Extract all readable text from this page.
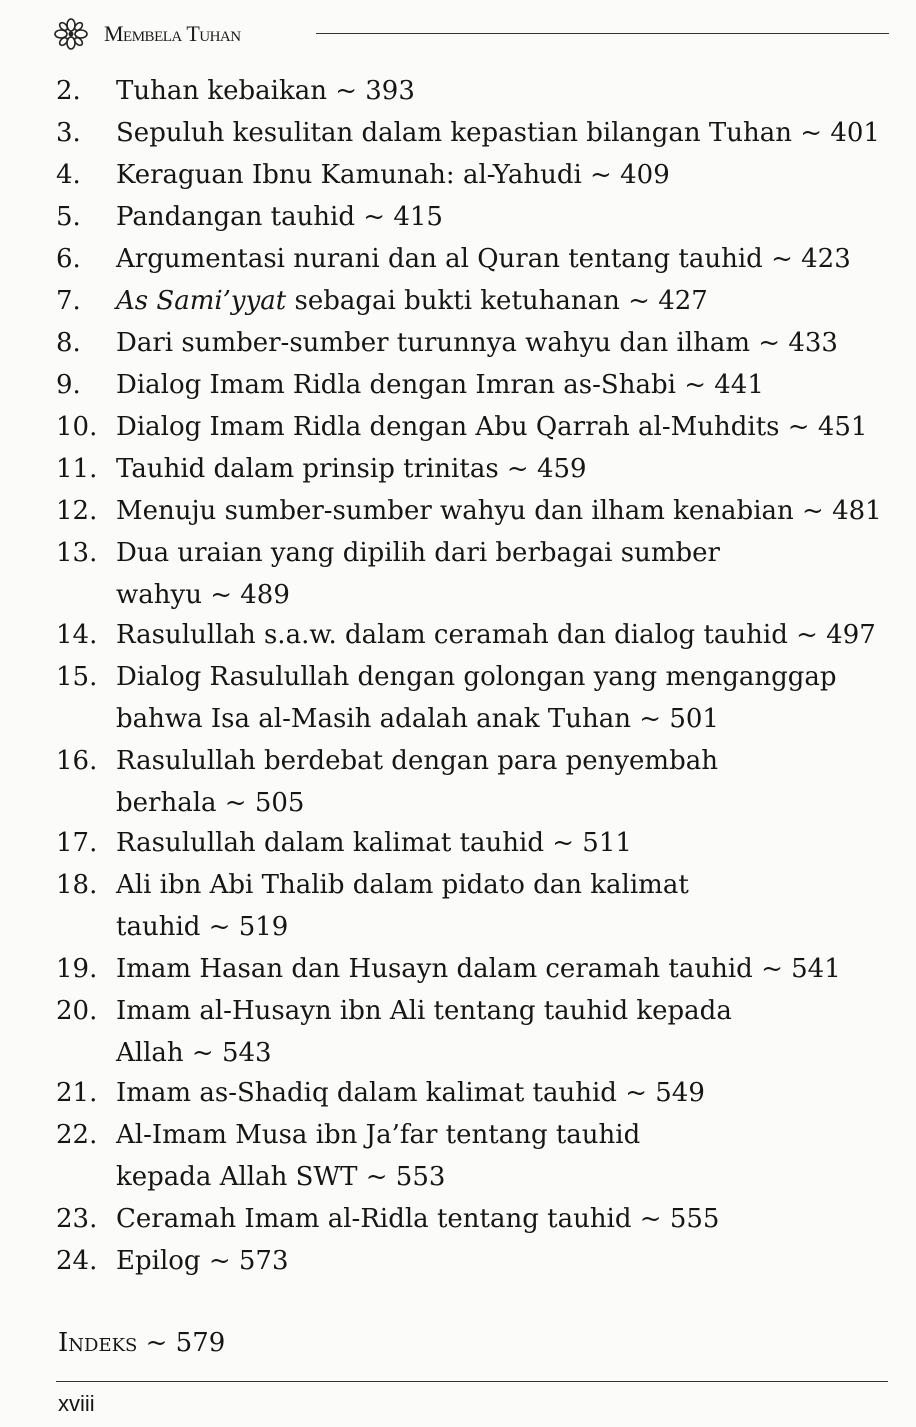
Membela Tuhan
2.	Tuhan kebaikan ~ 393
3.	Sepuluh kesulitan dalam kepastian bilangan Tuhan ~ 401
4.	Keraguan Ibnu Kamunah: al-Yahudi ~ 409
5.	Pandangan tauhid ~ 415
6.	Argumentasi nurani dan al Quran tentang tauhid ~ 423
7.	As Sami’yyat sebagai bukti ketuhanan ~ 427
8.	Dari sumber-sumber turunnya wahyu dan ilham ~ 433
9.	Dialog Imam Ridla dengan Imran as-Shabi ~ 441
10. Dialog Imam Ridla dengan Abu Qarrah al-Muhdits ~ 451
11. Tauhid dalam prinsip trinitas ~ 459
12. Menuju sumber-sumber wahyu dan ilham kenabian ~ 481
13. Dua uraian yang dipilih dari berbagai sumber
wahyu ~ 489
14. Rasulullah s.a.w. dalam ceramah dan dialog tauhid ~ 497
15. Dialog Rasulullah dengan golongan yang menganggap
bahwa Isa al-Masih adalah anak Tuhan ~ 501
16. Rasulullah berdebat dengan para penyembah
berhala ~ 505
17. Rasulullah dalam kalimat tauhid ~ 511
18. Ali ibn Abi Thalib dalam pidato dan kalimat
tauhid ~ 519
19. Imam Hasan dan Husayn dalam ceramah tauhid ~ 541
20. Imam al-Husayn ibn Ali tentang tauhid kepada
Allah ~ 543
21. Imam as-Shadiq dalam kalimat tauhid ~ 549
22. Al-Imam Musa ibn Ja’far tentang tauhid
kepada Allah SWT ~ 553
23. Ceramah Imam al-Ridla tentang tauhid ~ 555
24. Epilog ~ 573
Indeks ~ 579
xviii
